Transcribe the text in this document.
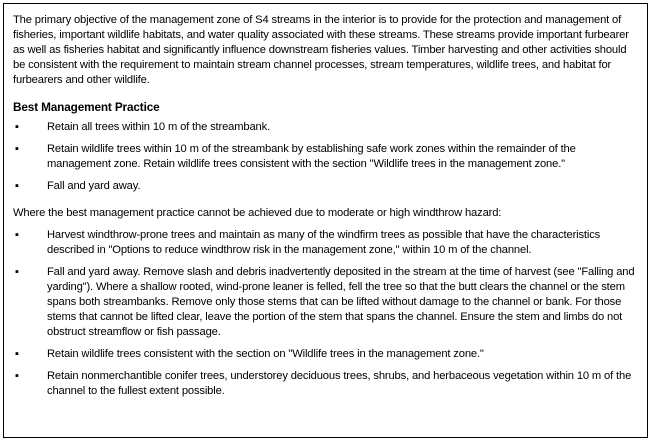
The primary objective of the management zone of S4 streams in the interior is to provide for the protection and management of fisheries, important wildlife habitats, and water quality associated with these streams. These streams provide important furbearer as well as fisheries habitat and significantly influence downstream fisheries values. Timber harvesting and other activities should be consistent with the requirement to maintain stream channel processes, stream temperatures, wildlife trees, and habitat for furbearers and other wildlife.

Best Management Practice

▪	Retain all trees within 10 m of the streambank.
▪	Retain wildlife trees within 10 m of the streambank by establishing safe work zones within the remainder of the management zone. Retain wildlife trees consistent with the section "Wildlife trees in the management zone."
▪	Fall and yard away.

Where the best management practice cannot be achieved due to moderate or high windthrow hazard:

▪	Harvest windthrow-prone trees and maintain as many of the windfirm trees as possible that have the characteristics described in "Options to reduce windthrow risk in the management zone," within 10 m of the channel.
▪	Fall and yard away. Remove slash and debris inadvertently deposited in the stream at the time of harvest (see "Falling and yarding"). Where a shallow rooted, wind-prone leaner is felled, fell the tree so that the butt clears the channel or the stem spans both streambanks. Remove only those stems that can be lifted without damage to the channel or bank. For those stems that cannot be lifted clear, leave the portion of the stem that spans the channel. Ensure the stem and limbs do not obstruct streamflow or fish passage.
▪	Retain wildlife trees consistent with the section on "Wildlife trees in the management zone."
▪	Retain nonmerchantible conifer trees, understorey deciduous trees, shrubs, and herbaceous vegetation within 10 m of the channel to the fullest extent possible.
